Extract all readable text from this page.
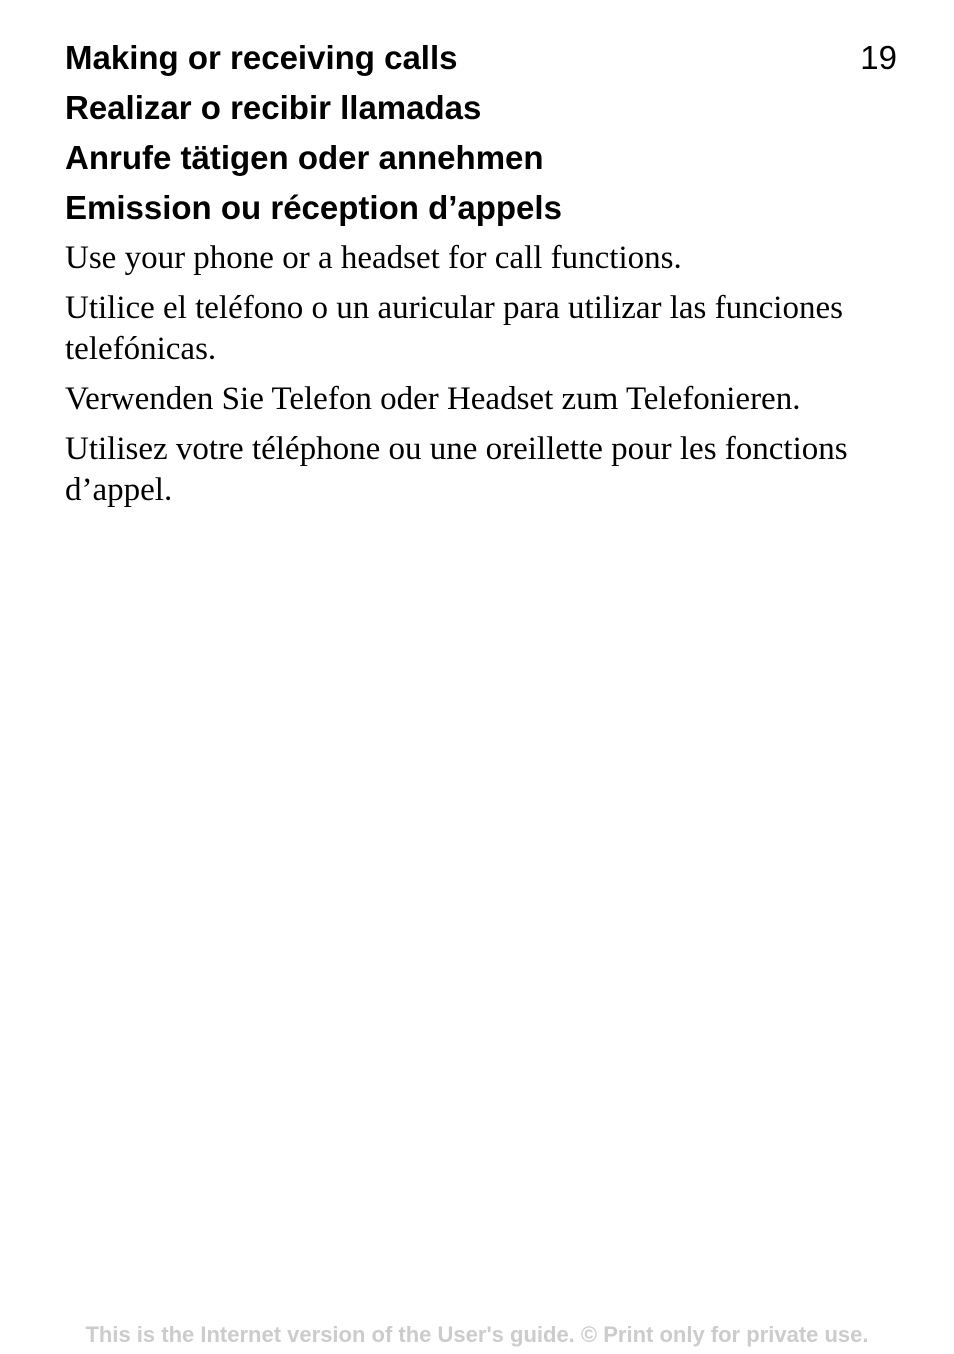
Making or receiving calls	19
Realizar o recibir llamadas
Anrufe tätigen oder annehmen
Emission ou réception d’appels

Use your phone or a headset for call functions.

Utilice el teléfono o un auricular para utilizar las funciones telefónicas.

Verwenden Sie Telefon oder Headset zum Telefonieren.

Utilisez votre téléphone ou une oreillette pour les fonctions d’appel.

This is the Internet version of the User's guide. © Print only for private use.
